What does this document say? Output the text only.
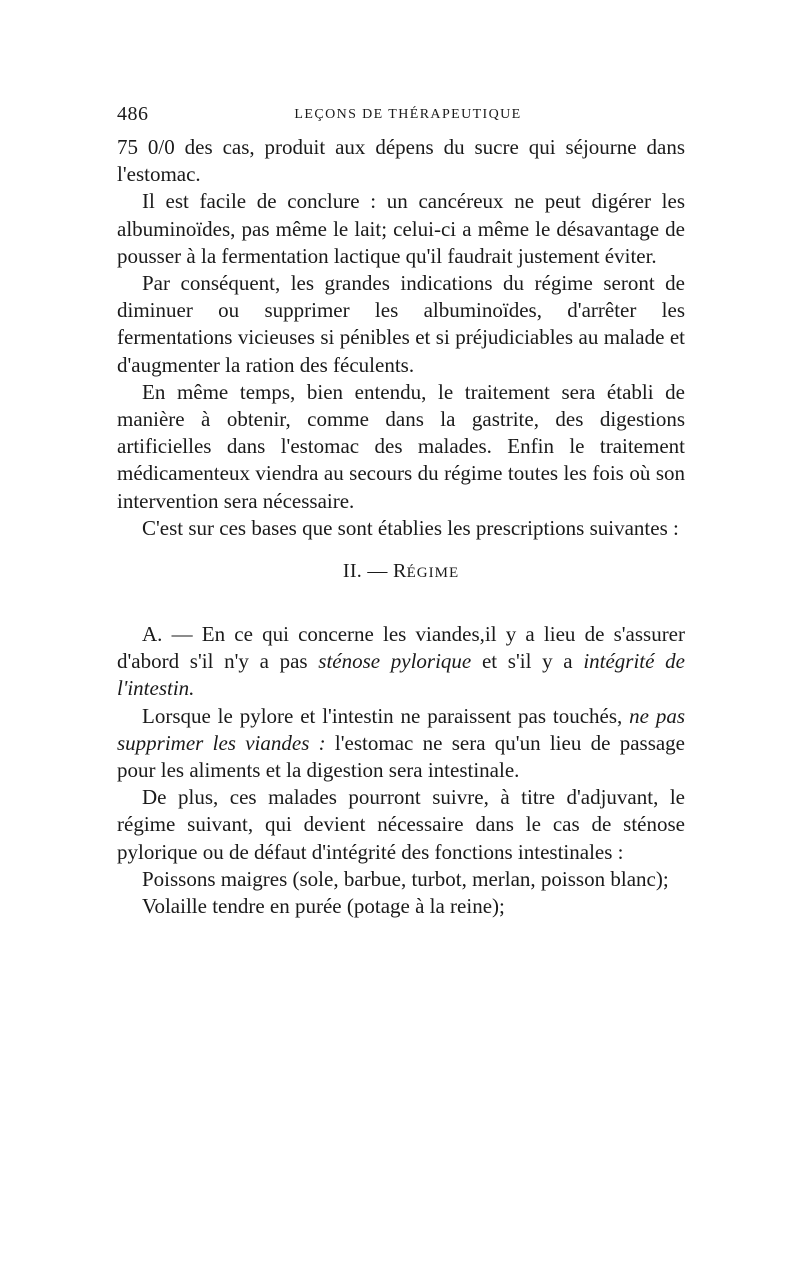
486	LEÇONS DE THÉRAPEUTIQUE

75 0/0 des cas, produit aux dépens du sucre qui séjourne dans l'estomac.

Il est facile de conclure : un cancéreux ne peut digérer les albuminoïdes, pas même le lait; celui-ci a même le désavantage de pousser à la fermentation lactique qu'il faudrait justement éviter.

Par conséquent, les grandes indications du régime seront de diminuer ou supprimer les albuminoïdes, d'arrêter les fermentations vicieuses si pénibles et si préjudiciables au malade et d'augmenter la ration des féculents.

En même temps, bien entendu, le traitement sera établi de manière à obtenir, comme dans la gastrite, des digestions artificielles dans l'estomac des malades. Enfin le traitement médicamenteux viendra au secours du régime toutes les fois où son intervention sera nécessaire.

C'est sur ces bases que sont établies les prescriptions suivantes :

II. — RÉGIME

A. — En ce qui concerne les viandes,il y a lieu de s'assurer d'abord s'il n'y a pas sténose pylorique et s'il y a intégrité de l'intestin.

Lorsque le pylore et l'intestin ne paraissent pas touchés, ne pas supprimer les viandes : l'estomac ne sera qu'un lieu de passage pour les aliments et la digestion sera intestinale.

De plus, ces malades pourront suivre, à titre d'adjuvant, le régime suivant, qui devient nécessaire dans le cas de sténose pylorique ou de défaut d'intégrité des fonctions intestinales :

Poissons maigres (sole, barbue, turbot, merlan, poisson blanc);

Volaille tendre en purée (potage à la reine);
